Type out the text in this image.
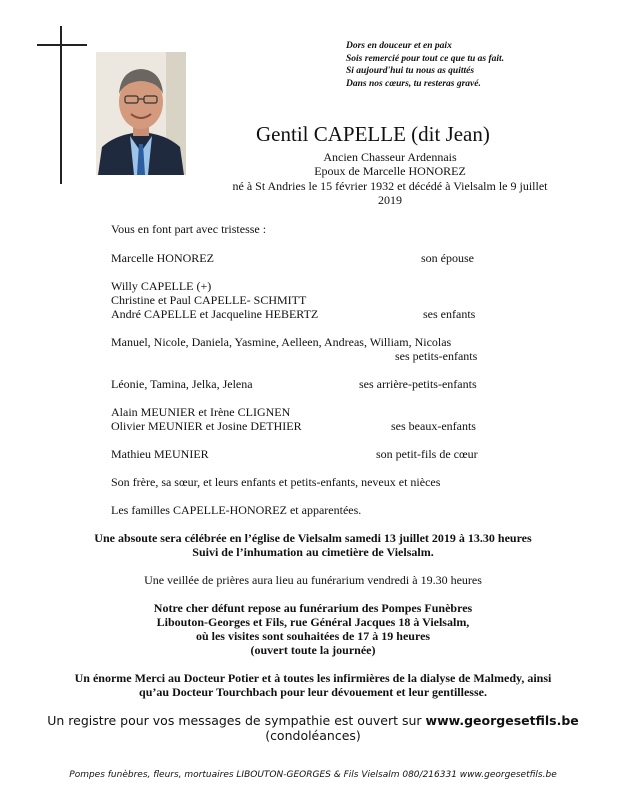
Dors en douceur et en paix
Sois remercié pour tout ce que tu as fait.
Si aujourd'hui tu nous as quittés
Dans nos cœurs, tu resteras gravé.
Gentil CAPELLE (dit Jean)
Ancien Chasseur Ardennais
Epoux de Marcelle HONOREZ
né à St Andries le 15 février 1932 et décédé à Vielsalm le 9 juillet
2019
Vous en font part avec tristesse :
Marcelle HONOREZ	son épouse
Willy CAPELLE (+)
Christine et Paul CAPELLE- SCHMITT
André CAPELLE et Jacqueline HEBERTZ	ses enfants
Manuel, Nicole, Daniela, Yasmine, Aelleen, Andreas, William, Nicolas
ses petits-enfants
Léonie, Tamina, Jelka, Jelena	ses arrière-petits-enfants
Alain MEUNIER et Irène CLIGNEN
Olivier MEUNIER et Josine DETHIER	ses beaux-enfants
Mathieu MEUNIER	son petit-fils de cœur
Son frère, sa sœur, et leurs enfants et petits-enfants, neveux et nièces
Les familles CAPELLE-HONOREZ et apparentées.
Une absoute sera célébrée en l’église de Vielsalm samedi 13 juillet 2019 à 13.30 heures
Suivi de l’inhumation au cimetière de Vielsalm.
Une veillée de prières aura lieu au funérarium vendredi à 19.30 heures
Notre cher défunt repose au funérarium des Pompes Funèbres
Libouton-Georges et Fils, rue Général Jacques 18 à Vielsalm,
où les visites sont souhaitées de 17 à 19 heures
(ouvert toute la journée)
Un énorme Merci au Docteur Potier et à toutes les infirmières de la dialyse de Malmedy, ainsi
qu’au Docteur Tourchbach pour leur dévouement et leur gentillesse.
Un registre pour vos messages de sympathie est ouvert sur www.georgesetfils.be
(condoléances)
Pompes funèbres, fleurs, mortuaires LIBOUTON-GEORGES & Fils Vielsalm 080/216331 www.georgesetfils.be
